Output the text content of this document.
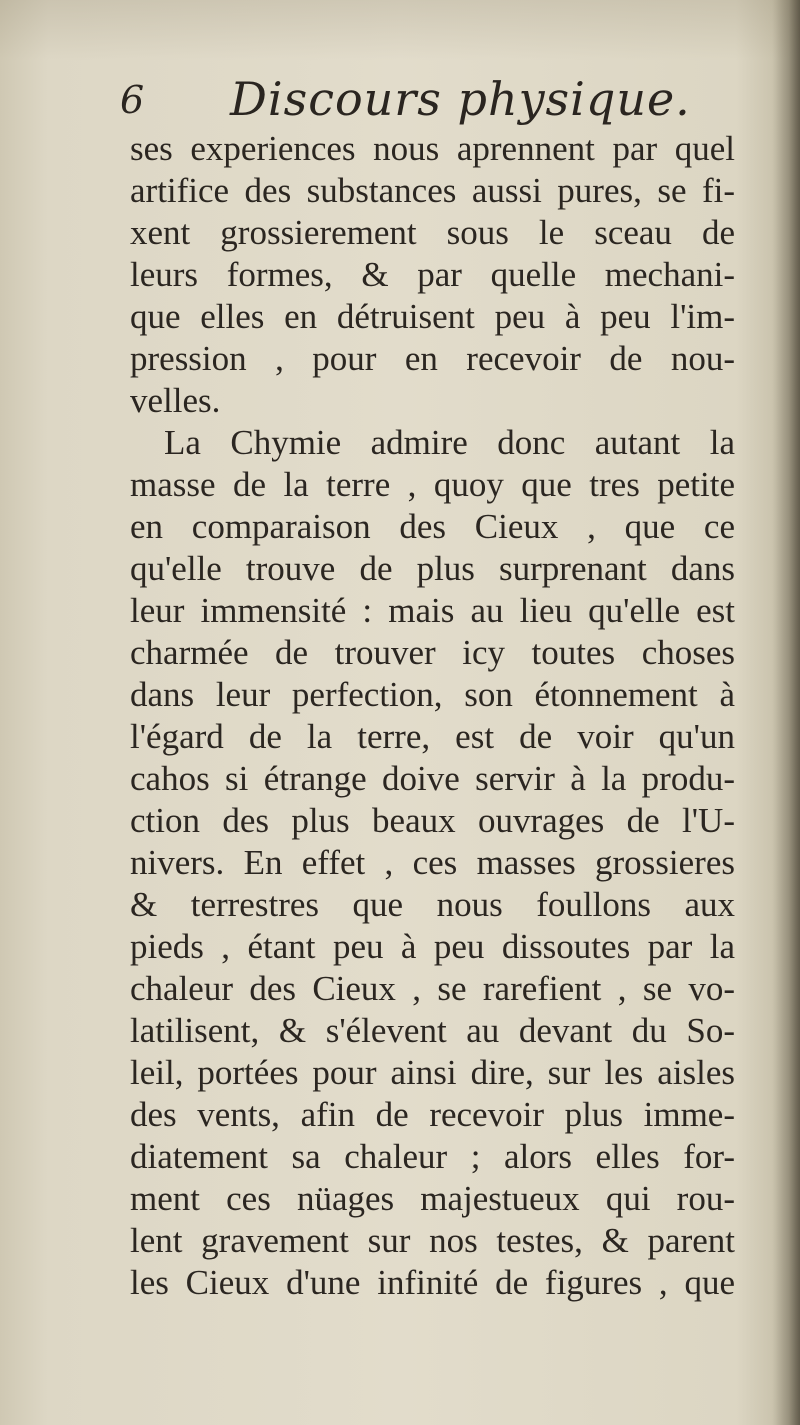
6 Discours physique.
ses experiences nous aprennent par quel
artifice des substances aussi pures, se fi-
xent grossierement sous le sceau de
leurs formes, & par quelle mechani-
que elles en détruisent peu à peu l'im-
pression , pour en recevoir de nou-
velles.
La Chymie admire donc autant la
masse de la terre , quoy que tres petite
en comparaison des Cieux , que ce
qu'elle trouve de plus surprenant dans
leur immensité : mais au lieu qu'elle est
charmée de trouver icy toutes choses
dans leur perfection, son étonnement à
l'égard de la terre, est de voir qu'un
cahos si étrange doive servir à la produ-
ction des plus beaux ouvrages de l'U-
nivers. En effet , ces masses grossieres
& terrestres que nous foullons aux
pieds , étant peu à peu dissoutes par la
chaleur des Cieux , se rarefient , se vo-
latilisent, & s'élevent au devant du So-
leil, portées pour ainsi dire, sur les aisles
des vents, afin de recevoir plus imme-
diatement sa chaleur ; alors elles for-
ment ces nüages majestueux qui rou-
lent gravement sur nos testes, & parent
les Cieux d'une infinité de figures , que
